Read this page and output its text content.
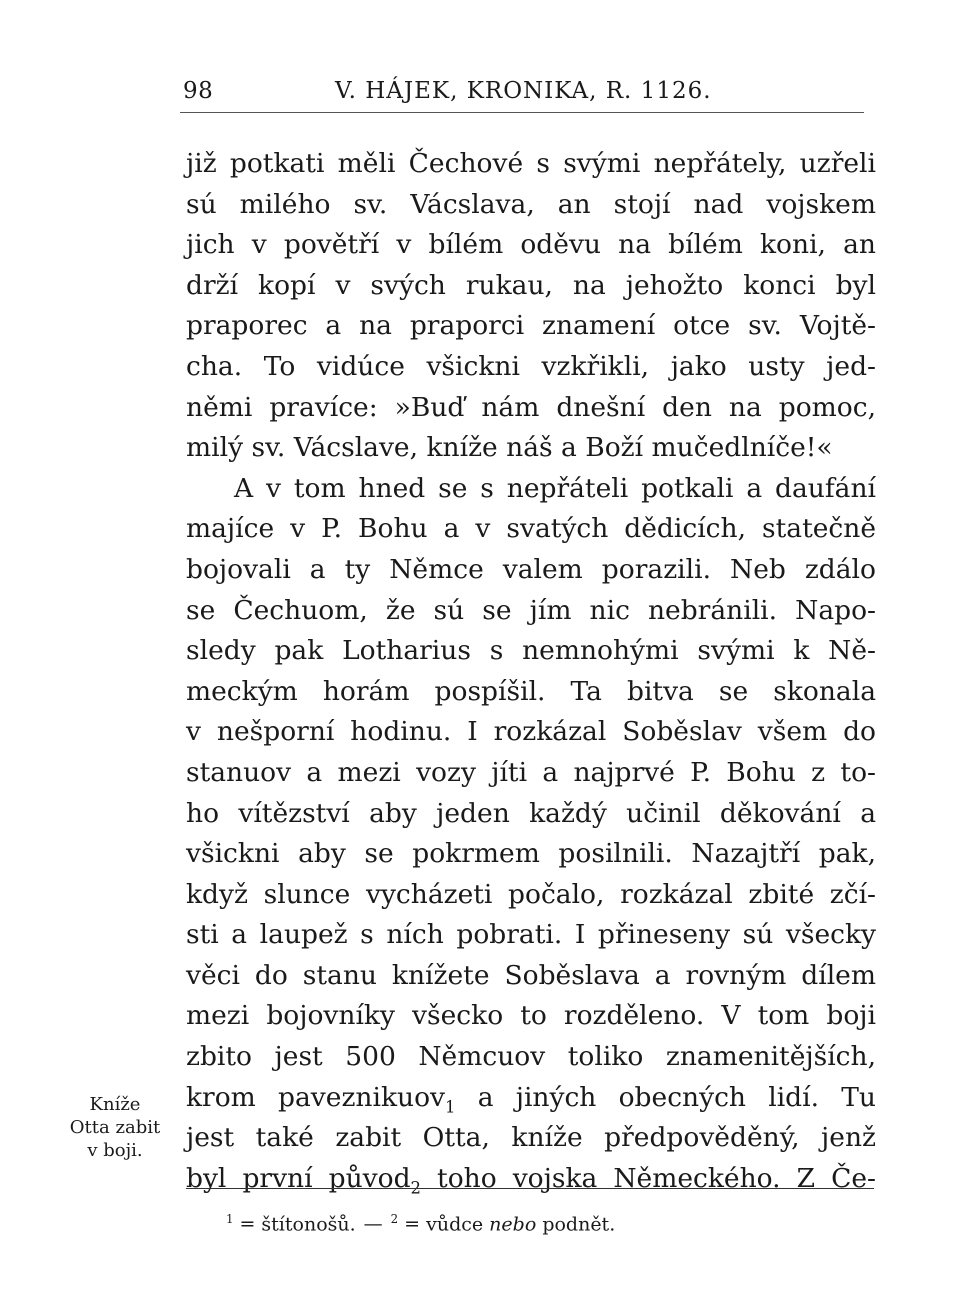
98	V. HÁJEK, KRONIKA, R. 1126.
již potkati měli Čechové s svými nepřátely, uzřeli
sú milého sv. Vácslava, an stojí nad vojskem
jich v povětří v bílém oděvu na bílém koni, an
drží kopí v svých rukau, na jehožto konci byl
praporec a na praporci znamení otce sv. Vojtě-
cha. To vidúce všickni vzkřikli, jako usty jed-
němi pravíce: »Buď nám dnešní den na pomoc,
milý sv. Vácslave, kníže náš a Boží mučedlníče!«
A v tom hned se s nepřáteli potkali a daufání
majíce v P. Bohu a v svatých dědicích, statečně
bojovali a ty Němce valem porazili. Neb zdálo
se Čechuom, že sú se jím nic nebránili. Napo-
sledy pak Lotharius s nemnohými svými k Ně-
meckým horám pospíšil. Ta bitva se skonala
v nešporní hodinu. I rozkázal Soběslav všem do
stanuov a mezi vozy jíti a najprvé P. Bohu z to-
ho vítězství aby jeden každý učinil děkování a
všickni aby se pokrmem posilnili. Nazajtří pak,
když slunce vycházeti počalo, rozkázal zbité zčí-
sti a laupež s ních pobrati. I přineseny sú všecky
věci do stanu knížete Soběslava a rovným dílem
mezi bojovníky všecko to rozděleno. V tom boji
zbito jest 500 Němcuov toliko znamenitějších,
krom paveznikuov$_1$ a jiných obecných lidí. Tu
jest také zabit Otta, kníže předpověděný, jenž
byl první původ$_2$ toho vojska Německého. Z Če-
Kníže
Otta zabit
v boji.
$^1$ = štítonošů. — $^2$ = vůdce nebo podnět.
